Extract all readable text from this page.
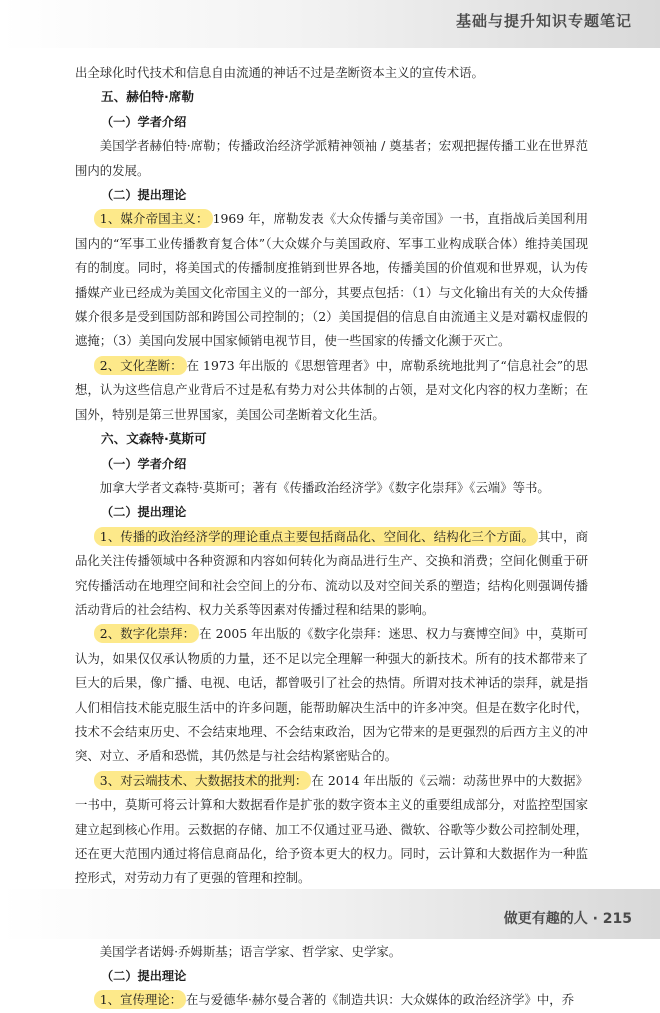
基础与提升知识专题笔记

出全球化时代技术和信息自由流通的神话不过是垄断资本主义的宣传术语。

五、赫伯特·席勒

（一）学者介绍

美国学者赫伯特·席勒；传播政治经济学派精神领袖 / 奠基者；宏观把握传播工业在世界范围内的发展。

（二）提出理论

1、媒介帝国主义： 1969 年，席勒发表《大众传播与美帝国》一书，直指战后美国利用国内的“军事工业传播教育复合体”（大众媒介与美国政府、军事工业构成联合体）维持美国现有的制度。同时，将美国式的传播制度推销到世界各地，传播美国的价值观和世界观，认为传播媒产业已经成为美国文化帝国主义的一部分，其要点包括：（1）与文化输出有关的大众传播媒介很多是受到国防部和跨国公司控制的；（2）美国提倡的信息自由流通主义是对霸权虚假的遮掩；（3）美国向发展中国家倾销电视节目，使一些国家的传播文化濒于灭亡。

2、文化垄断： 在 1973 年出版的《思想管理者》中，席勒系统地批判了“信息社会”的思想，认为这些信息产业背后不过是私有势力对公共体制的占领，是对文化内容的权力垄断；在国外，特别是第三世界国家，美国公司垄断着文化生活。

六、文森特·莫斯可

（一）学者介绍

加拿大学者文森特·莫斯可；著有《传播政治经济学》《数字化崇拜》《云端》等书。

（二）提出理论

1、传播的政治经济学的理论重点主要包括商品化、空间化、结构化三个方面。 其中，商品化关注传播领域中各种资源和内容如何转化为商品进行生产、交换和消费；空间化侧重于研究传播活动在地理空间和社会空间上的分布、流动以及对空间关系的塑造；结构化则强调传播活动背后的社会结构、权力关系等因素对传播过程和结果的影响。

2、数字化崇拜： 在 2005 年出版的《数字化崇拜：迷思、权力与赛博空间》中，莫斯可认为，如果仅仅承认物质的力量，还不足以完全理解一种强大的新技术。所有的技术都带来了巨大的后果，像广播、电视、电话，都曾吸引了社会的热情。所谓对技术神话的崇拜，就是指人们相信技术能克服生活中的许多问题，能帮助解决生活中的许多冲突。但是在数字化时代，技术不会结束历史、不会结束地理、不会结束政治，因为它带来的是更强烈的后西方主义的冲突、对立、矛盾和恐慌，其仍然是与社会结构紧密贴合的。

3、对云端技术、大数据技术的批判： 在 2014 年出版的《云端：动荡世界中的大数据》一书中，莫斯可将云计算和大数据看作是扩张的数字资本主义的重要组成部分，对监控型国家建立起到核心作用。云数据的存储、加工不仅通过亚马逊、微软、谷歌等少数公司控制处理，还在更大范围内通过将信息商品化，给予资本更大的权力。同时，云计算和大数据作为一种监控形式，对劳动力有了更强的管理和控制。

美国学者诺姆·乔姆斯基；语言学家、哲学家、史学家。

（二）提出理论

1、宣传理论： 在与爱德华·赫尔曼合著的《制造共识：大众媒体的政治经济学》中，乔

做更有趣的人 · 215
